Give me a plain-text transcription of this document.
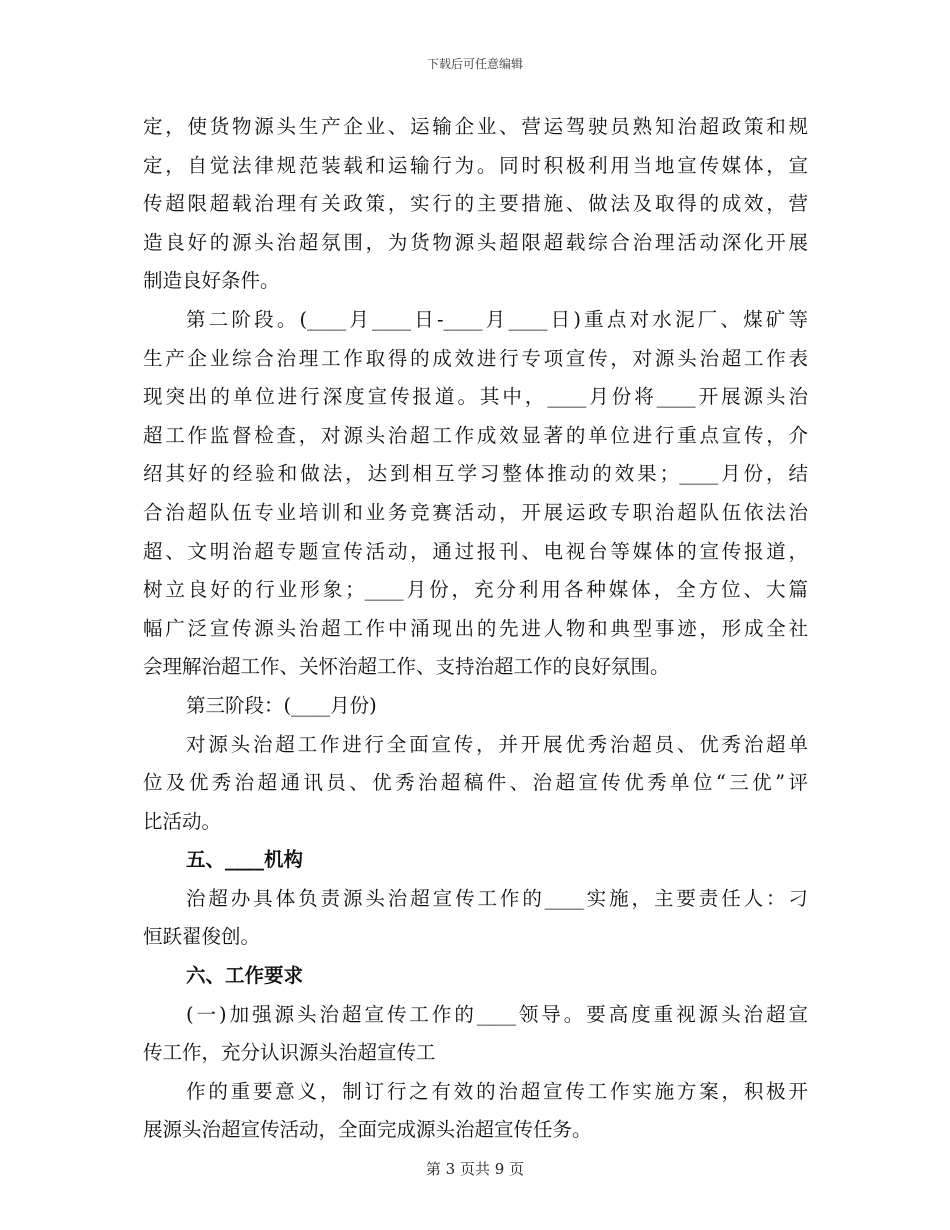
下载后可任意编辑
定，使货物源头生产企业、运输企业、营运驾驶员熟知治超政策和规
定，自觉法律规范装载和运输行为。同时积极利用当地宣传媒体，宣
传超限超载治理有关政策，实行的主要措施、做法及取得的成效，营
造良好的源头治超氛围，为货物源头超限超载综合治理活动深化开展
制造良好条件。
第二阶段。(____月____日-____月____日)重点对水泥厂、煤矿等
生产企业综合治理工作取得的成效进行专项宣传，对源头治超工作表
现突出的单位进行深度宣传报道。其中，____月份将____开展源头治
超工作监督检查，对源头治超工作成效显著的单位进行重点宣传，介
绍其好的经验和做法，达到相互学习整体推动的效果；____月份，结
合治超队伍专业培训和业务竞赛活动，开展运政专职治超队伍依法治
超、文明治超专题宣传活动，通过报刊、电视台等媒体的宣传报道，
树立良好的行业形象；____月份，充分利用各种媒体，全方位、大篇
幅广泛宣传源头治超工作中涌现出的先进人物和典型事迹，形成全社
会理解治超工作、关怀治超工作、支持治超工作的良好氛围。
第三阶段：(____月份)
对源头治超工作进行全面宣传，并开展优秀治超员、优秀治超单
位及优秀治超通讯员、优秀治超稿件、治超宣传优秀单位“三优”评
比活动。
五、____机构
治超办具体负责源头治超宣传工作的____实施，主要责任人：刁
恒跃翟俊创。
六、工作要求
(一)加强源头治超宣传工作的____领导。要高度重视源头治超宣
传工作，充分认识源头治超宣传工
作的重要意义，制订行之有效的治超宣传工作实施方案，积极开
展源头治超宣传活动，全面完成源头治超宣传任务。
第 3 页共 9 页
